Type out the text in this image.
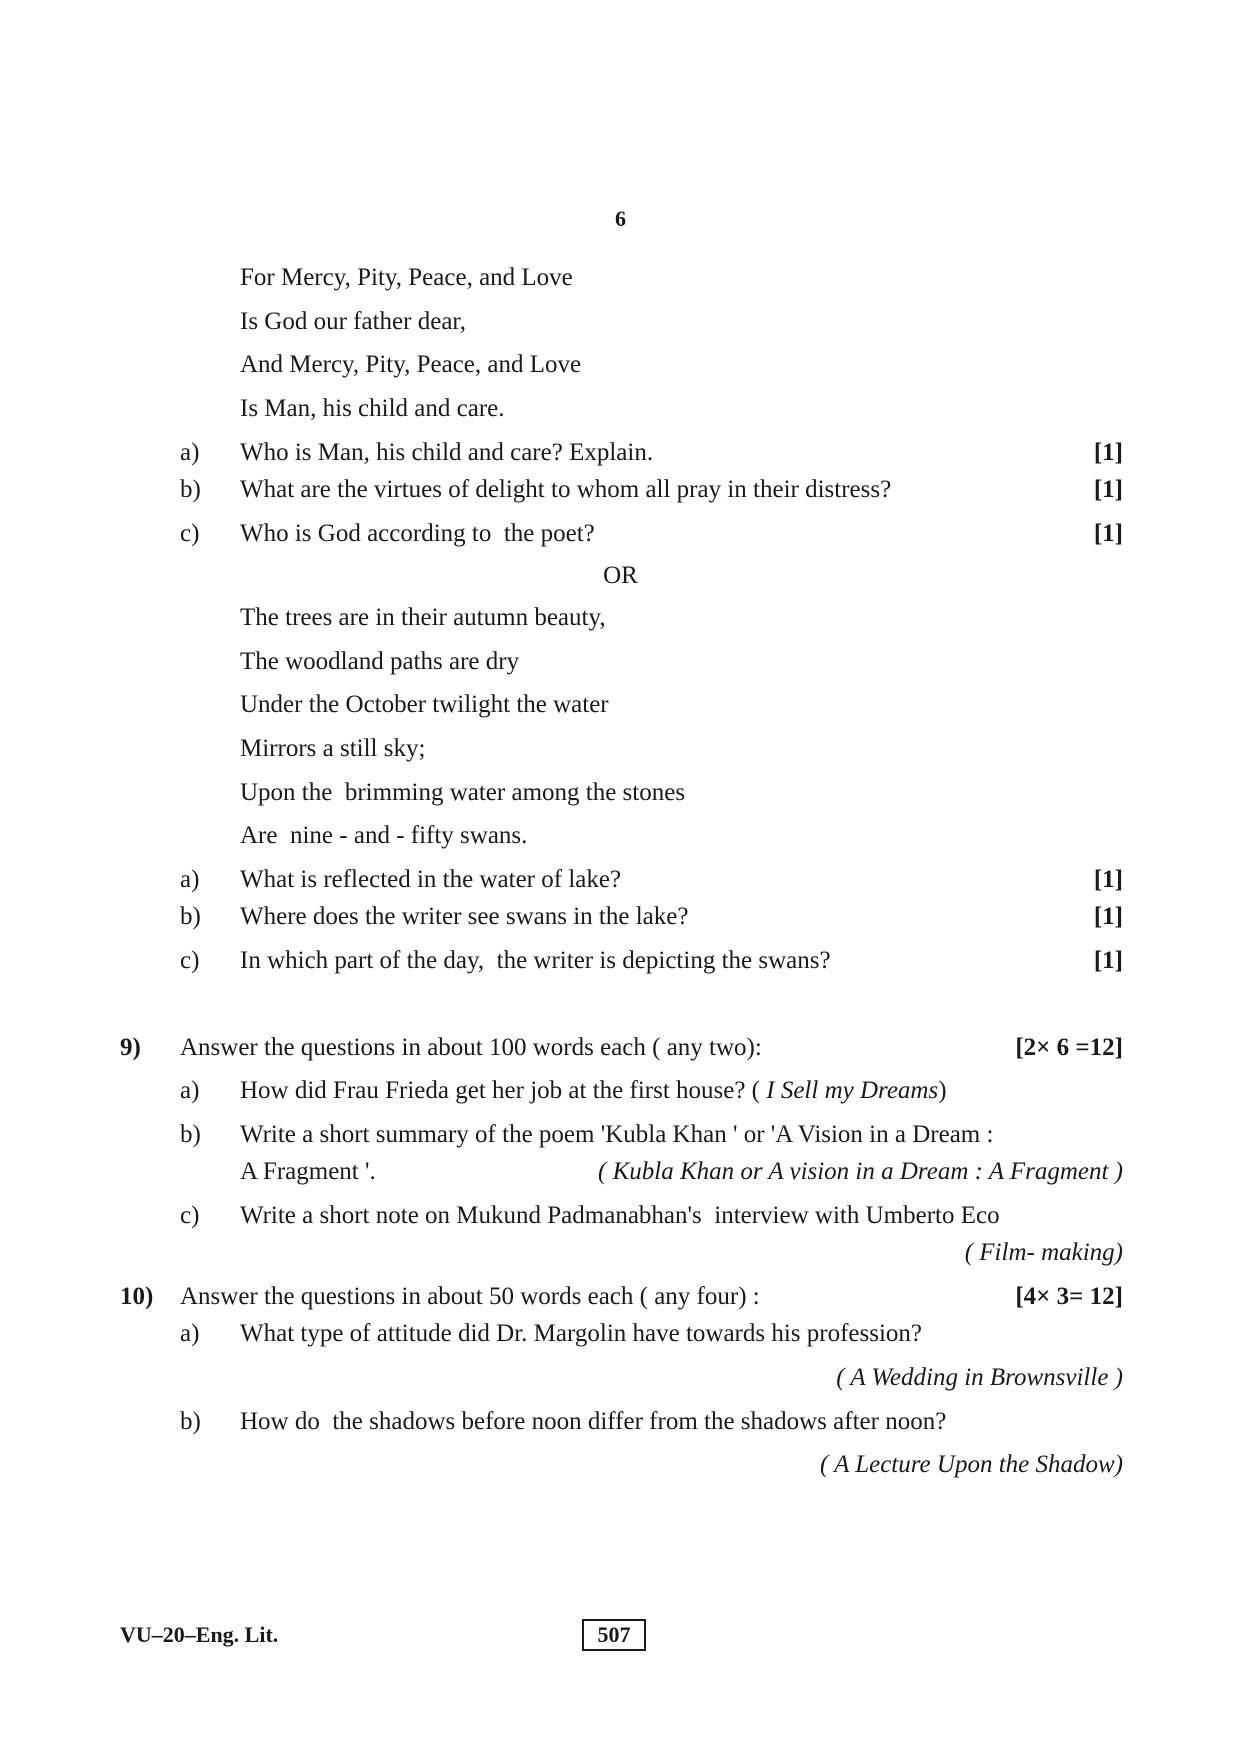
6
For Mercy, Pity, Peace, and Love
Is God our father dear,
And Mercy, Pity, Peace, and Love
Is Man, his child and care.
a) Who is Man, his child and care? Explain.	[1]
b) What are the virtues of delight to whom all pray in their distress?	[1]
c) Who is God according to  the poet?	[1]
OR
The trees are in their autumn beauty,
The woodland paths are dry
Under the October twilight the water
Mirrors a still sky;
Upon the  brimming water among the stones
Are  nine - and - fifty swans.
a) What is reflected in the water of lake?	[1]
b) Where does the writer see swans in the lake?	[1]
c) In which part of the day,  the writer is depicting the swans?	[1]
9) Answer the questions in about 100 words each ( any two):	[2× 6 =12]
a) How did Frau Frieda get her job at the first house? ( I Sell my Dreams)
b) Write a short summary of the poem 'Kubla Khan ' or 'A Vision in a Dream :
A Fragment '.	( Kubla Khan or A vision in a Dream : A Fragment )
c) Write a short note on Mukund Padmanabhan's  interview with Umberto Eco
( Film- making)
10) Answer the questions in about 50 words each ( any four) :	[4× 3= 12]
a) What type of attitude did Dr. Margolin have towards his profession?
( A Wedding in Brownsville )
b) How do  the shadows before noon differ from the shadows after noon?
( A Lecture Upon the Shadow)
VU–20–Eng. Lit.	507
